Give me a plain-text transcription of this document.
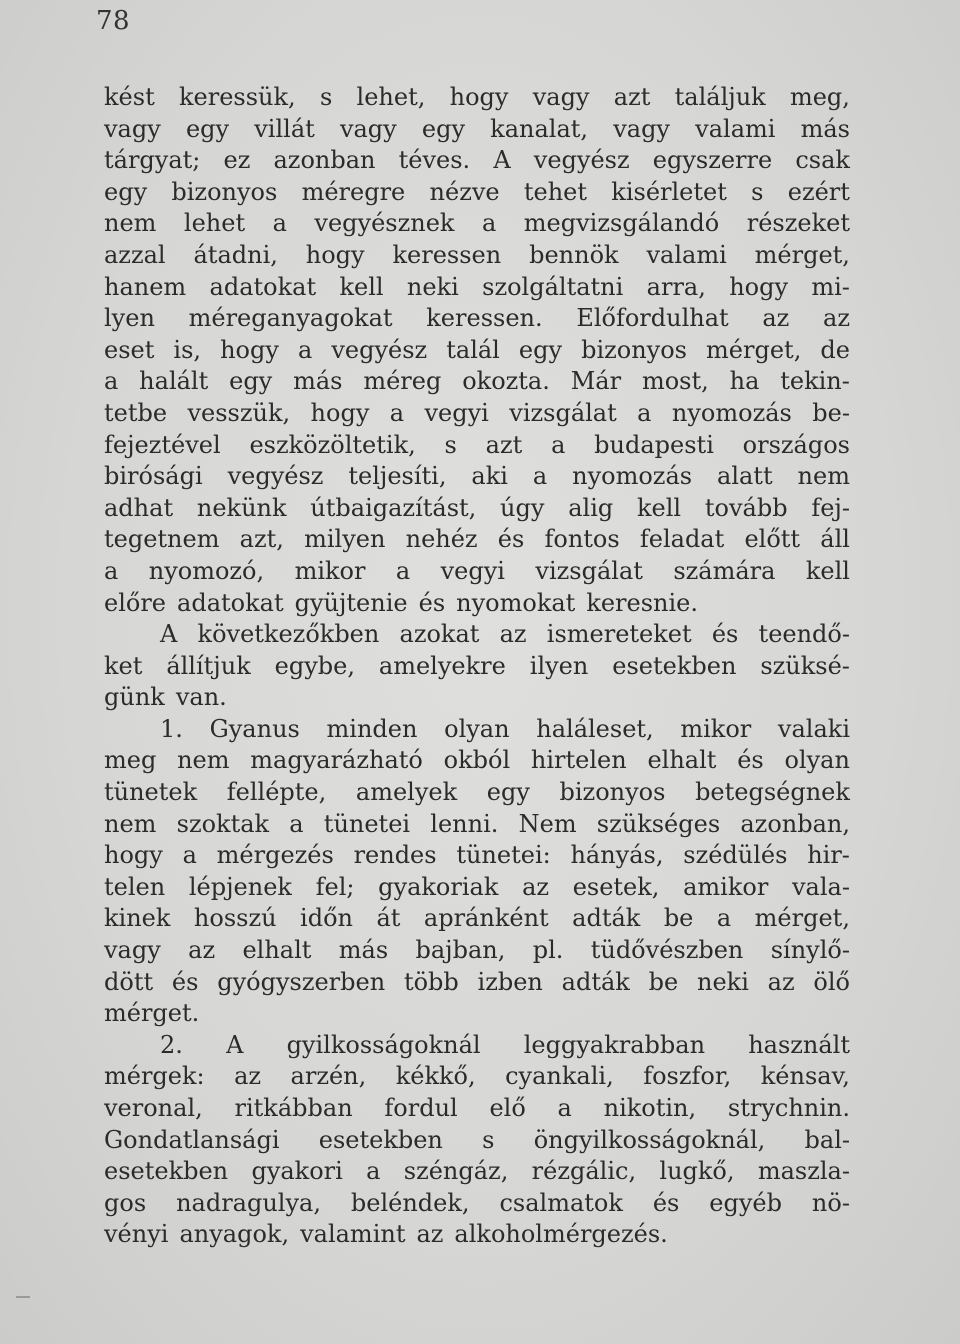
78
kést keressük, s lehet, hogy vagy azt találjuk meg,
vagy egy villát vagy egy kanalat, vagy valami más
tárgyat; ez azonban téves. A vegyész egyszerre csak
egy bizonyos méregre nézve tehet kisérletet s ezért
nem lehet a vegyésznek a megvizsgálandó részeket
azzal átadni, hogy keressen bennök valami mérget,
hanem adatokat kell neki szolgáltatni arra, hogy mi-
lyen méreganyagokat keressen. Előfordulhat az az
eset is, hogy a vegyész talál egy bizonyos mérget, de
a halált egy más méreg okozta. Már most, ha tekin-
tetbe vesszük, hogy a vegyi vizsgálat a nyomozás be-
fejeztével eszközöltetik, s azt a budapesti országos
birósági vegyész teljesíti, aki a nyomozás alatt nem
adhat nekünk útbaigazítást, úgy alig kell tovább fej-
tegetnem azt, milyen nehéz és fontos feladat előtt áll
a nyomozó, mikor a vegyi vizsgálat számára kell
előre adatokat gyüjtenie és nyomokat keresnie.
A következőkben azokat az ismereteket és teendő-
ket állítjuk egybe, amelyekre ilyen esetekben szüksé-
günk van.
1. Gyanus minden olyan haláleset, mikor valaki
meg nem magyarázható okból hirtelen elhalt és olyan
tünetek fellépte, amelyek egy bizonyos betegségnek
nem szoktak a tünetei lenni. Nem szükséges azonban,
hogy a mérgezés rendes tünetei: hányás, szédülés hir-
telen lépjenek fel; gyakoriak az esetek, amikor vala-
kinek hosszú időn át apránként adták be a mérget,
vagy az elhalt más bajban, pl. tüdővészben sínylő-
dött és gyógyszerben több izben adták be neki az ölő
mérget.
2. A gyilkosságoknál leggyakrabban használt
mérgek: az arzén, kékkő, cyankali, foszfor, kénsav,
veronal, ritkábban fordul elő a nikotin, strychnin.
Gondatlansági esetekben s öngyilkosságoknál, bal-
esetekben gyakori a széngáz, rézgálic, lugkő, maszla-
gos nadragulya, beléndek, csalmatok és egyéb nö-
vényi anyagok, valamint az alkoholmérgezés.
